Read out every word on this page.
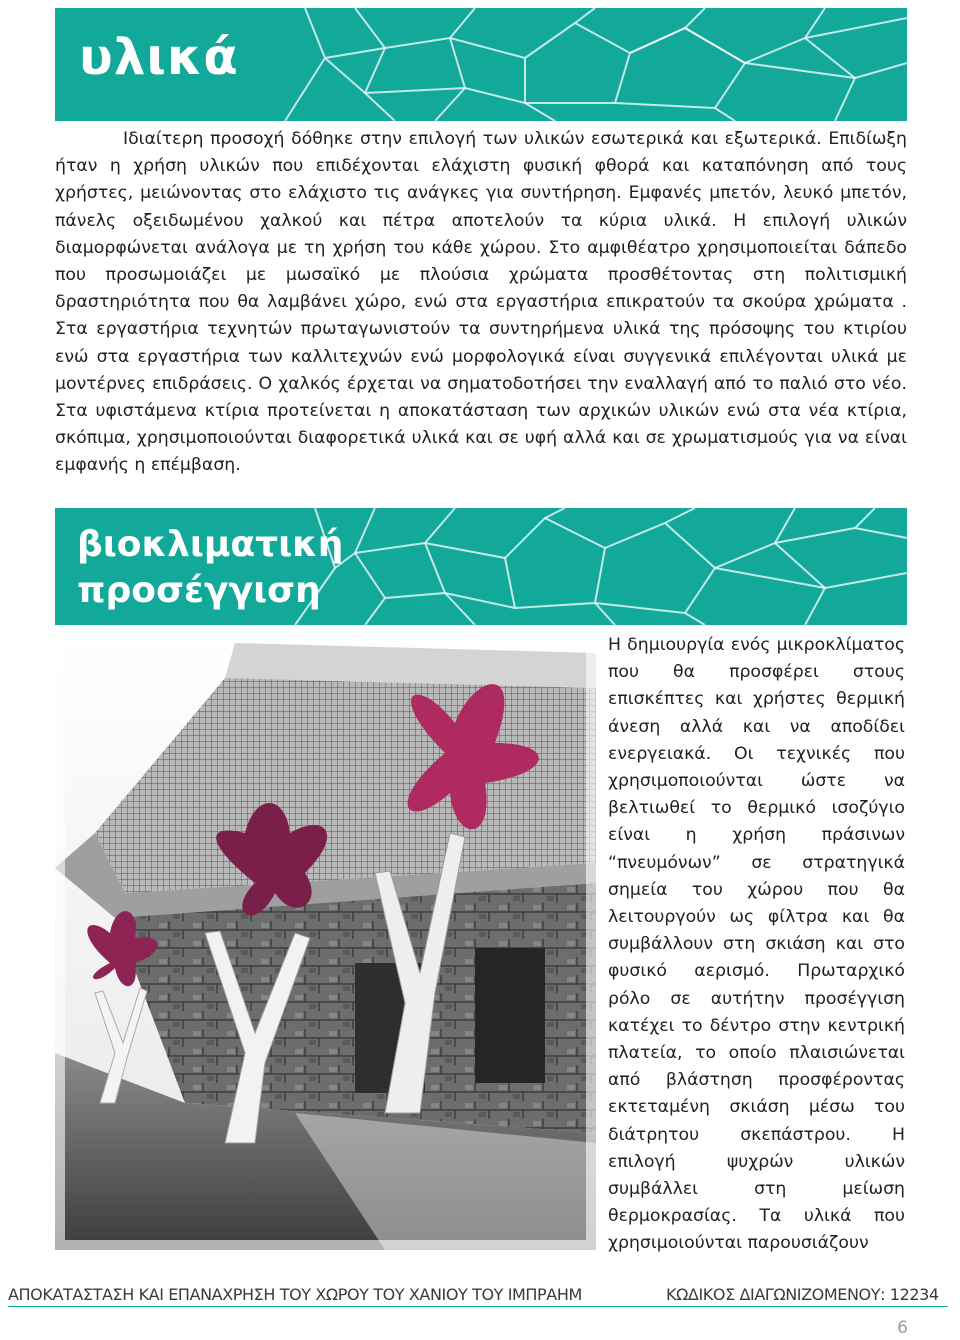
υλικά

Ιδιαίτερη προσοχή δόθηκε στην επιλογή των υλικών εσωτερικά και εξωτερικά. Επιδίωξη ήταν η χρήση υλικών που επιδέχονται ελάχιστη φυσική φθορά και καταπόνηση από τους χρήστες, μειώνοντας στο ελάχιστο τις ανάγκες για συντήρηση. Εμφανές μπετόν, λευκό μπετόν, πάνελς οξειδωμένου χαλκού και πέτρα αποτελούν τα κύρια υλικά. Η επιλογή υλικών διαμορφώνεται ανάλογα με τη χρήση του κάθε χώρου. Στο αμφιθέατρο χρησιμοποιείται δάπεδο που προσωμοιάζει με μωσαϊκό με πλούσια χρώματα προσθέτοντας στη πολιτισμική δραστηριότητα που θα λαμβάνει χώρο, ενώ στα εργαστήρια επικρατούν τα σκούρα χρώματα . Στα εργαστήρια τεχνητών πρωταγωνιστούν τα συντηρήμενα υλικά της πρόσοψης του κτιρίου ενώ στα εργαστήρια των καλλιτεχνών ενώ μορφολογικά είναι συγγενικά επιλέγονται υλικά με μοντέρνες επιδράσεις. Ο χαλκός έρχεται να σηματοδοτήσει την εναλλαγή από το παλιό στο νέο. Στα υφιστάμενα κτίρια προτείνεται η αποκατάσταση των αρχικών υλικών ενώ στα νέα κτίρια, σκόπιμα, χρησιμοποιούνται διαφορετικά υλικά και σε υφή αλλά και σε χρωματισμούς για να είναι εμφανής η επέμβαση.

βιοκλιματική
προσέγγιση

Η δημιουργία ενός μικροκλίματος που θα προσφέρει στους επισκέπτες και χρήστες θερμική άνεση αλλά και να αποδίδει ενεργειακά. Οι τεχνικές που χρησιμοποιούνται ώστε να βελτιωθεί το θερμικό ισοζύγιο είναι η χρήση πράσινων “πνευμόνων” σε στρατηγικά σημεία του χώρου που θα λειτουργούν ως φίλτρα και θα συμβάλλουν στη σκιάση και στο φυσικό αερισμό. Πρωταρχικό ρόλο σε αυτήτην προσέγγιση κατέχει το δέντρο στην κεντρική πλατεία, το οποίο πλαισιώνεται από βλάστηση προσφέροντας εκτεταμένη σκιάση μέσω του διάτρητου σκεπάστρου. Η επιλογή ψυχρών υλικών συμβάλλει στη μείωση θερμοκρασίας. Τα υλικά που χρησιμοιούνται παρουσιάζουν

ΑΠΟΚΑΤΑΣΤΑΣΗ ΚΑΙ ΕΠΑΝΑΧΡΗΣΗ ΤΟΥ ΧΩΡΟΥ ΤΟΥ ΧΑΝΙΟΥ ΤΟΥ ΙΜΠΡΑΗΜ	ΚΩΔΙΚΟΣ ΔΙΑΓΩΝΙΖΟΜΕΝΟΥ: 12234

6
